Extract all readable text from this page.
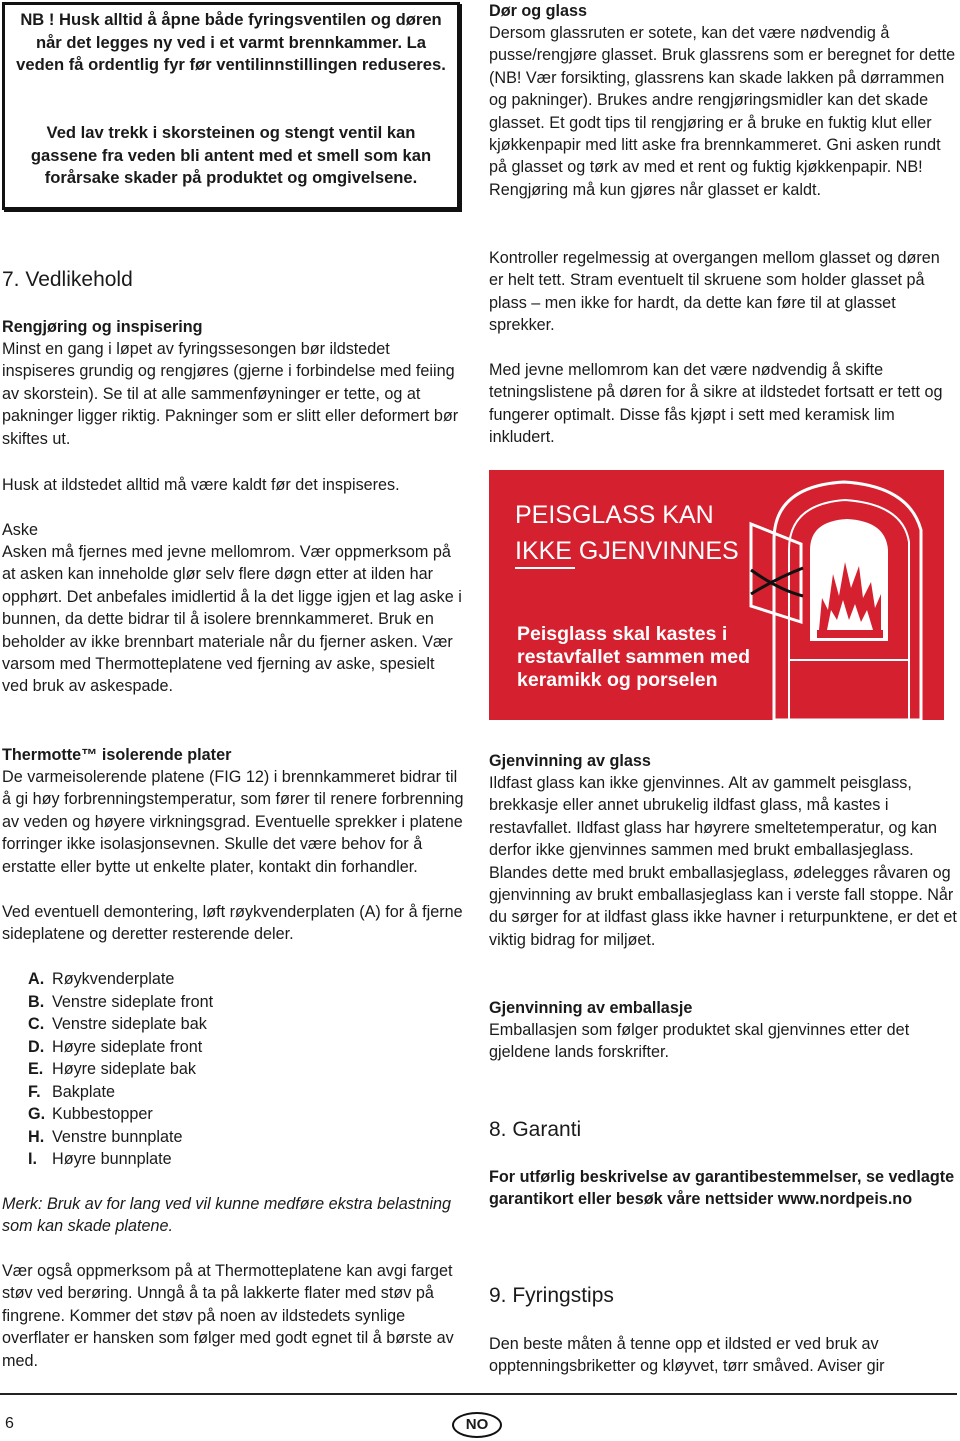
NB ! Husk alltid å åpne både fyringsventilen og døren når det legges ny ved i et varmt brennkammer. La veden få ordentlig fyr før ventilinnstillingen reduseres.

Ved lav trekk i skorsteinen og stengt ventil kan gassene fra veden bli antent med et smell som kan forårsake skader på produktet og omgivelsene.

7. Vedlikehold

Rengjøring og inspisering

Minst en gang i løpet av fyringssesongen bør ildstedet inspiseres grundig og rengjøres (gjerne i forbindelse med feiing av skorstein). Se til at alle sammenføyninger er tette, og at pakninger ligger riktig. Pakninger som er slitt eller deformert bør skiftes ut.

Husk at ildstedet alltid må være kaldt før det inspiseres.

Aske

Asken må fjernes med jevne mellomrom. Vær oppmerksom på at asken kan inneholde glør selv flere døgn etter at ilden har opphørt. Det anbefales imidlertid å la det ligge igjen et lag aske i bunnen, da dette bidrar til å isolere brennkammeret. Bruk en beholder av ikke brennbart materiale når du fjerner asken. Vær varsom med Thermotteplatene ved fjerning av aske, spesielt ved bruk av askespade.

Thermotte™ isolerende plater

De varmeisolerende platene (FIG 12) i brennkammeret bidrar til å gi høy forbrenningstemperatur, som fører til renere forbrenning av veden og høyere virkningsgrad. Eventuelle sprekker i platene forringer ikke isolasjonsevnen. Skulle det være behov for å erstatte eller bytte ut enkelte plater, kontakt din forhandler.

Ved eventuell demontering, løft røykvenderplaten (A) for å fjerne sideplatene og deretter resterende deler.

A. Røykvenderplate
B. Venstre sideplate front
C. Venstre sideplate bak
D. Høyre sideplate front
E. Høyre sideplate bak
F. Bakplate
G. Kubbestopper
H. Venstre bunnplate
I. Høyre bunnplate

Merk: Bruk av for lang ved vil kunne medføre ekstra belastning som kan skade platene.

Vær også oppmerksom på at Thermotteplatene kan avgi farget støv ved berøring. Unngå å ta på lakkerte flater med støv på fingrene. Kommer det støv på noen av ildstedets synlige overflater er hansken som følger med godt egnet til å børste av med.

Dør og glass

Dersom glassruten er sotete, kan det være nødvendig å pusse/rengjøre glasset. Bruk glassrens som er beregnet for dette (NB! Vær forsikting, glassrens kan skade lakken på dørrammen og pakninger). Brukes andre rengjøringsmidler kan det skade glasset. Et godt tips til rengjøring er å bruke en fuktig klut eller kjøkkenpapir med litt aske fra brennkammeret. Gni asken rundt på glasset og tørk av med et rent og fuktig kjøkkenpapir. NB! Rengjøring må kun gjøres når glasset er kaldt.

Kontroller regelmessig at overgangen mellom glasset og døren er helt tett. Stram eventuelt til skruene som holder glasset på plass – men ikke for hardt, da dette kan føre til at glasset sprekker.

Med jevne mellomrom kan det være nødvendig å skifte tetningslistene på døren for å sikre at ildstedet fortsatt er tett og fungerer optimalt. Disse fås kjøpt i sett med keramisk lim inkludert.

PEISGLASS KAN
IKKE GJENVINNES
Peisglass skal kastes i restavfallet sammen med keramikk og porselen

Gjenvinning av glass

Ildfast glass kan ikke gjenvinnes. Alt av gammelt peisglass, brekkasje eller annet ubrukelig ildfast glass, må kastes i restavfallet. Ildfast glass har høyrere smeltetemperatur, og kan derfor ikke gjenvinnes sammen med brukt emballasjeglass. Blandes dette med brukt emballasjeglass, ødelegges råvaren og gjenvinning av brukt emballasjeglass kan i verste fall stoppe. Når du sørger for at ildfast glass ikke havner i returpunktene, er det et viktig bidrag for miljøet.

Gjenvinning av emballasje

Emballasjen som følger produktet skal gjenvinnes etter det gjeldene lands forskrifter.

8. Garanti

For utførlig beskrivelse av garantibestemmelser, se vedlagte garantikort eller besøk våre nettsider www.nordpeis.no

9. Fyringstips

Den beste måten å tenne opp et ildsted er ved bruk av opptenningsbriketter og kløyvet, tørr småved. Aviser gir

6	NO
